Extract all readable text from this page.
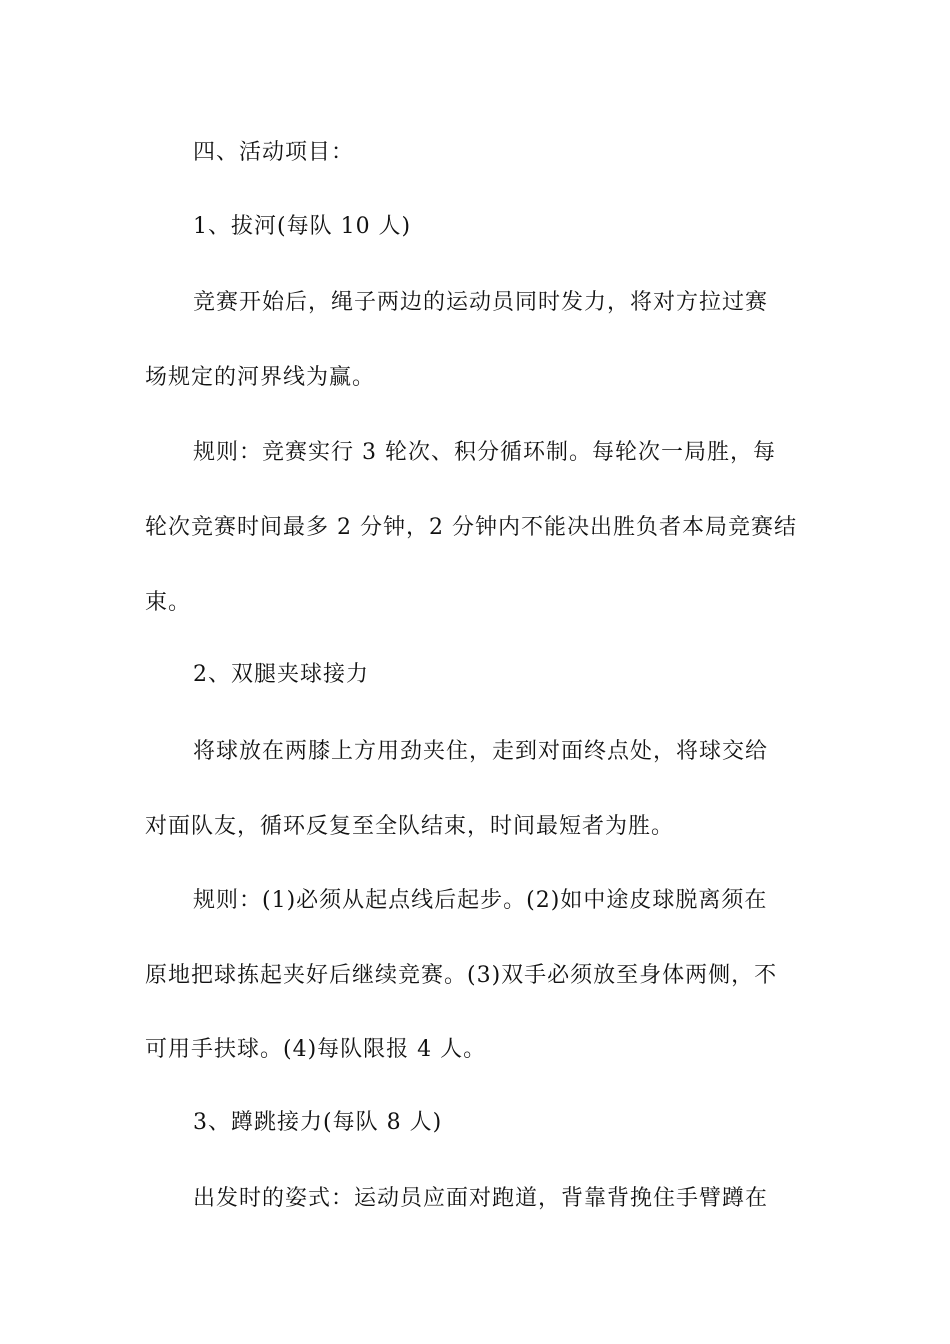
四、活动项目：
1、拔河(每队 10 人)
竞赛开始后，绳子两边的运动员同时发力，将对方拉过赛
场规定的河界线为赢。
规则：竞赛实行 3 轮次、积分循环制。每轮次一局胜，每
轮次竞赛时间最多 2 分钟，2 分钟内不能决出胜负者本局竞赛结
束。
2、双腿夹球接力
将球放在两膝上方用劲夹住，走到对面终点处，将球交给
对面队友，循环反复至全队结束，时间最短者为胜。
规则：(1)必须从起点线后起步。(2)如中途皮球脱离须在
原地把球拣起夹好后继续竞赛。(3)双手必须放至身体两侧，不
可用手扶球。(4)每队限报 4 人。
3、蹲跳接力(每队 8 人)
出发时的姿式：运动员应面对跑道，背靠背挽住手臂蹲在
